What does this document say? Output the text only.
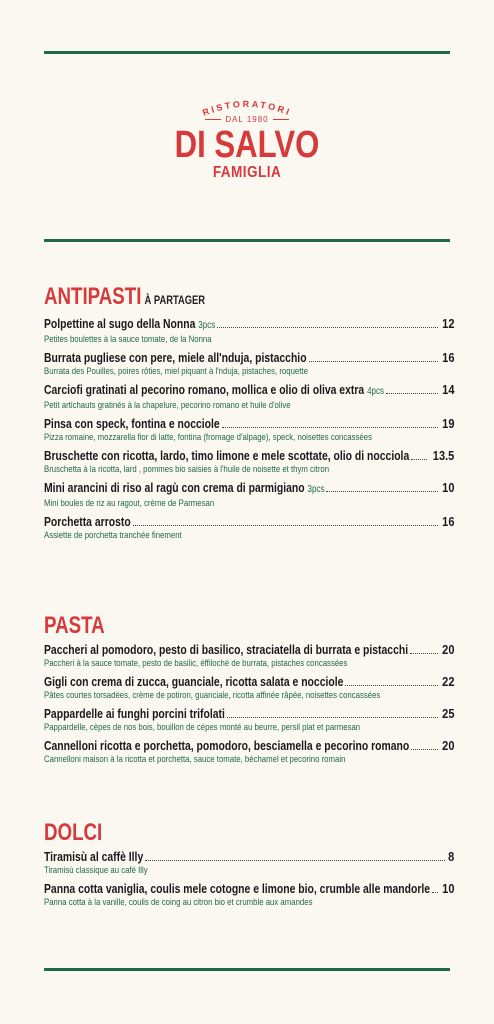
RISTORATORI
DAL 1980
DI SALVO
FAMIGLIA
ANTIPASTI À PARTAGER
Polpettine al sugo della Nonna 3pcs	12
Petites boulettes à la sauce tomate, de la Nonna
Burrata pugliese con pere, miele all'nduja, pistacchio	16
Burrata des Pouilles, poires rôties, miel piquant à l'nduja, pistaches, roquette
Carciofi gratinati al pecorino romano, mollica e olio di oliva extra 4pcs	14
Petit artichauts gratinés à la chapelure, pecorino romano et huile d'olive
Pinsa con speck, fontina e nocciole	19
Pizza romaine, mozzarella fior di latte, fontina (fromage d'alpage), speck, noisettes concassées
Bruschette con ricotta, lardo, timo limone e mele scottate, olio di nocciola 13.5
Bruschetta à la ricotta, lard , pommes bio saisies à l'huile de noisette et thym citron
Mini arancini di riso al ragù con crema di parmigiano 3pcs	10
Mini boules de riz au ragout, crème de Parmesan
Porchetta arrosto	16
Assiette de porchetta tranchée finement
PASTA
Paccheri al pomodoro, pesto di basilico, straciatella di burrata e pistacchi	20
Paccheri à la sauce tomate, pesto de basilic, éffiloché de burrata, pistaches concassées
Gigli con crema di zucca, guanciale, ricotta salata e nocciole	22
Pâtes courtes torsadées, crème de potiron, guanciale, ricotta affinée râpée, noisettes concassées
Pappardelle ai funghi porcini trifolati	25
Pappardelle, cèpes de nos bois, bouillon de cèpes monté au beurre, persil plat et parmesan
Cannelloni ricotta e porchetta, pomodoro, besciamella e pecorino romano 20
Cannelloni maison à la ricotta et porchetta, sauce tomate, béchamel et pecorino romain
DOLCI
Tiramisù al caffè Illy	8
Tiramisù classique au café Illy
Panna cotta vaniglia, coulis mele cotogne e limone bio, crumble alle mandorle 10
Panna cotta à la vanille, coulis de coing au citron bio et crumble aux amandes
